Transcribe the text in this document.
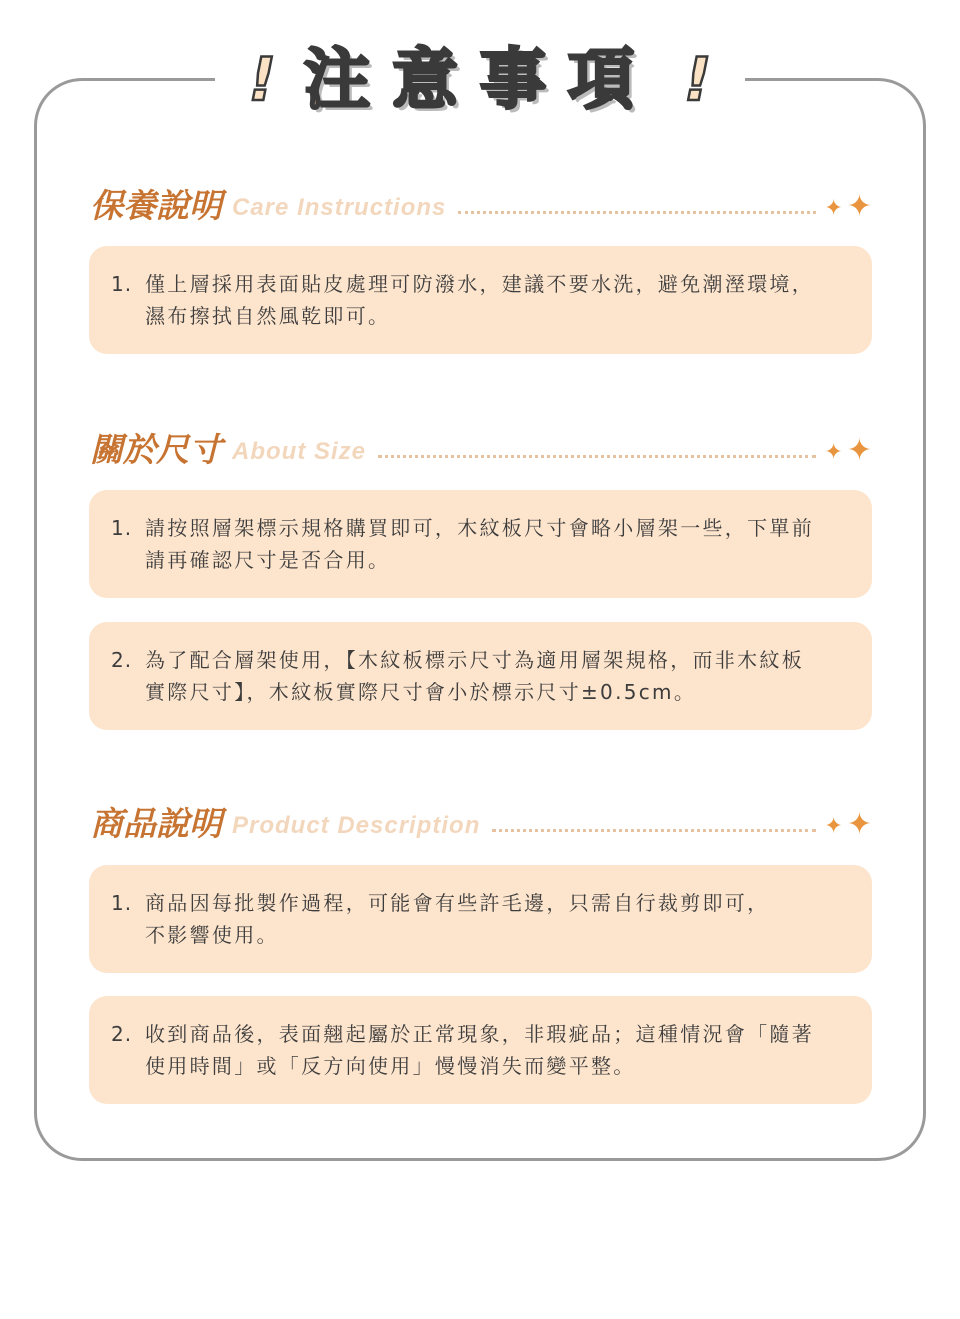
! 注意事項 !
保養說明 Care Instructions	✦ ✦
1. 僅上層採用表面貼皮處理可防潑水，建議不要水洗，避免潮溼環境，
濕布擦拭自然風乾即可。
關於尺寸 About Size	✦ ✦
1. 請按照層架標示規格購買即可，木紋板尺寸會略小層架一些，下單前
請再確認尺寸是否合用。
2. 為了配合層架使用，【木紋板標示尺寸為適用層架規格，而非木紋板
實際尺寸】，木紋板實際尺寸會小於標示尺寸±0.5cm。
商品說明 Product Description	✦ ✦
1. 商品因每批製作過程，可能會有些許毛邊，只需自行裁剪即可，
不影響使用。
2. 收到商品後，表面翹起屬於正常現象，非瑕疵品；這種情況會「隨著
使用時間」或「反方向使用」慢慢消失而變平整。
